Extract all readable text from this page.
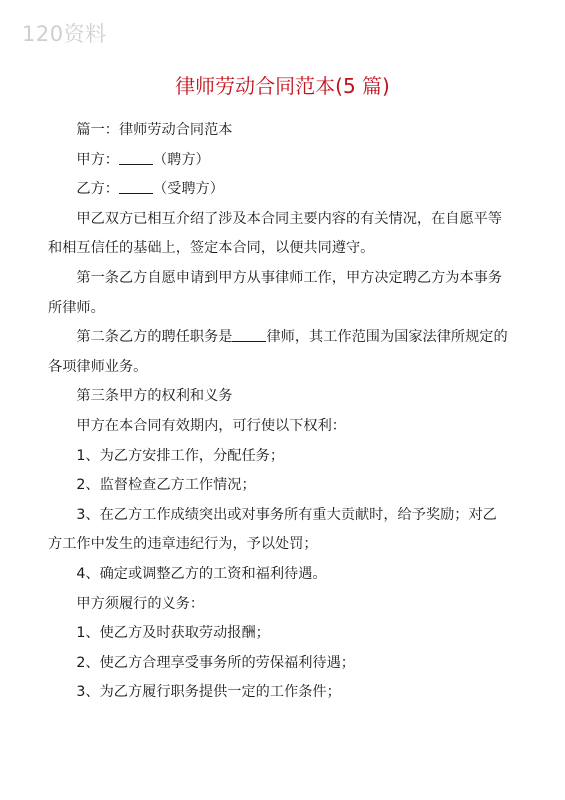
120资料
律师劳动合同范本(5 篇)

篇一：律师劳动合同范本

甲方： （聘方）

乙方： （受聘方）

甲乙双方已相互介绍了涉及本合同主要内容的有关情况，在自愿平等

和相互信任的基础上，签定本合同，以便共同遵守。

第一条乙方自愿申请到甲方从事律师工作，甲方决定聘乙方为本事务

所律师。

第二条乙方的聘任职务是 律师，其工作范围为国家法律所规定的

各项律师业务。

第三条甲方的权利和义务

甲方在本合同有效期内，可行使以下权利：

1、为乙方安排工作，分配任务；

2、监督检查乙方工作情况；

3、在乙方工作成绩突出或对事务所有重大贡献时，给予奖励；对乙

方工作中发生的违章违纪行为，予以处罚；

4、确定或调整乙方的工资和福利待遇。

甲方须履行的义务：

1、使乙方及时获取劳动报酬；

2、使乙方合理享受事务所的劳保福利待遇；

3、为乙方履行职务提供一定的工作条件；
